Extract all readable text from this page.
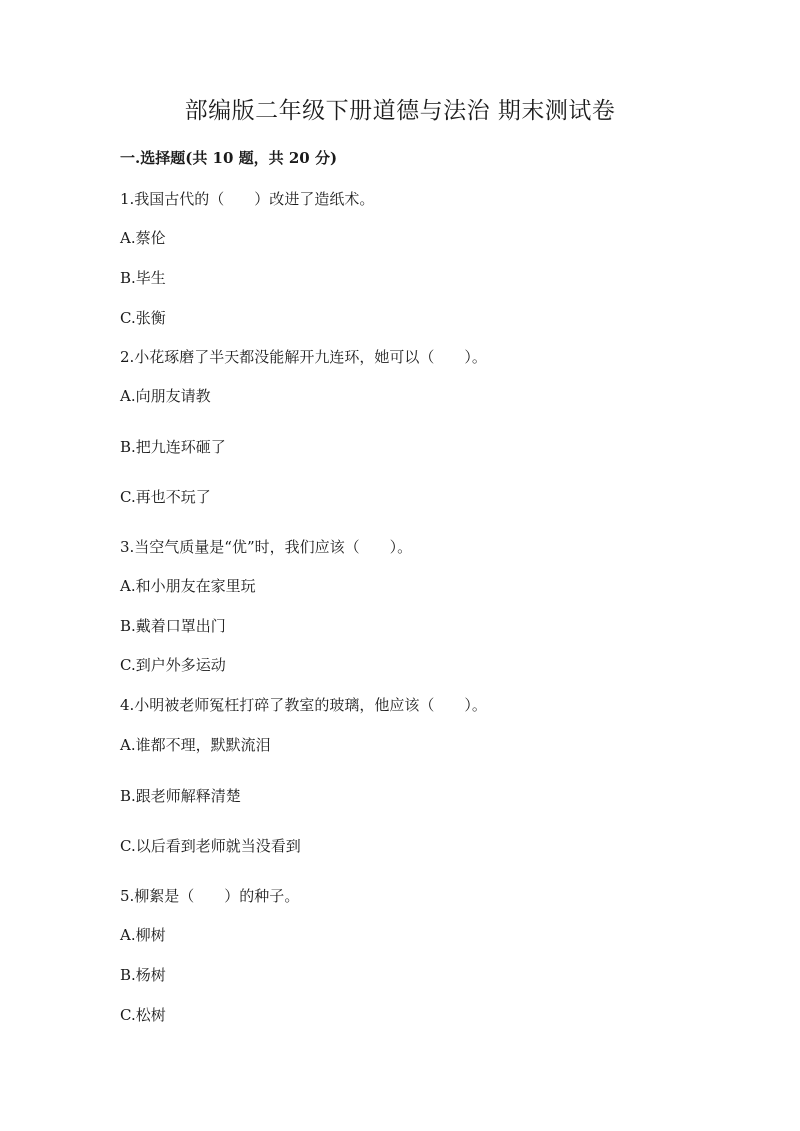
部编版二年级下册道德与法治 期末测试卷

一.选择题(共 10 题，共 20 分)

1.我国古代的（　　）改进了造纸术。

A.蔡伦

B.毕生

C.张衡

2.小花琢磨了半天都没能解开九连环，她可以（　　）。

A.向朋友请教

B.把九连环砸了

C.再也不玩了

3.当空气质量是“优”时，我们应该（　　）。

A.和小朋友在家里玩

B.戴着口罩出门

C.到户外多运动

4.小明被老师冤枉打碎了教室的玻璃，他应该（　　）。

A.谁都不理，默默流泪

B.跟老师解释清楚

C.以后看到老师就当没看到

5.柳絮是（　　）的种子。

A.柳树

B.杨树

C.松树
